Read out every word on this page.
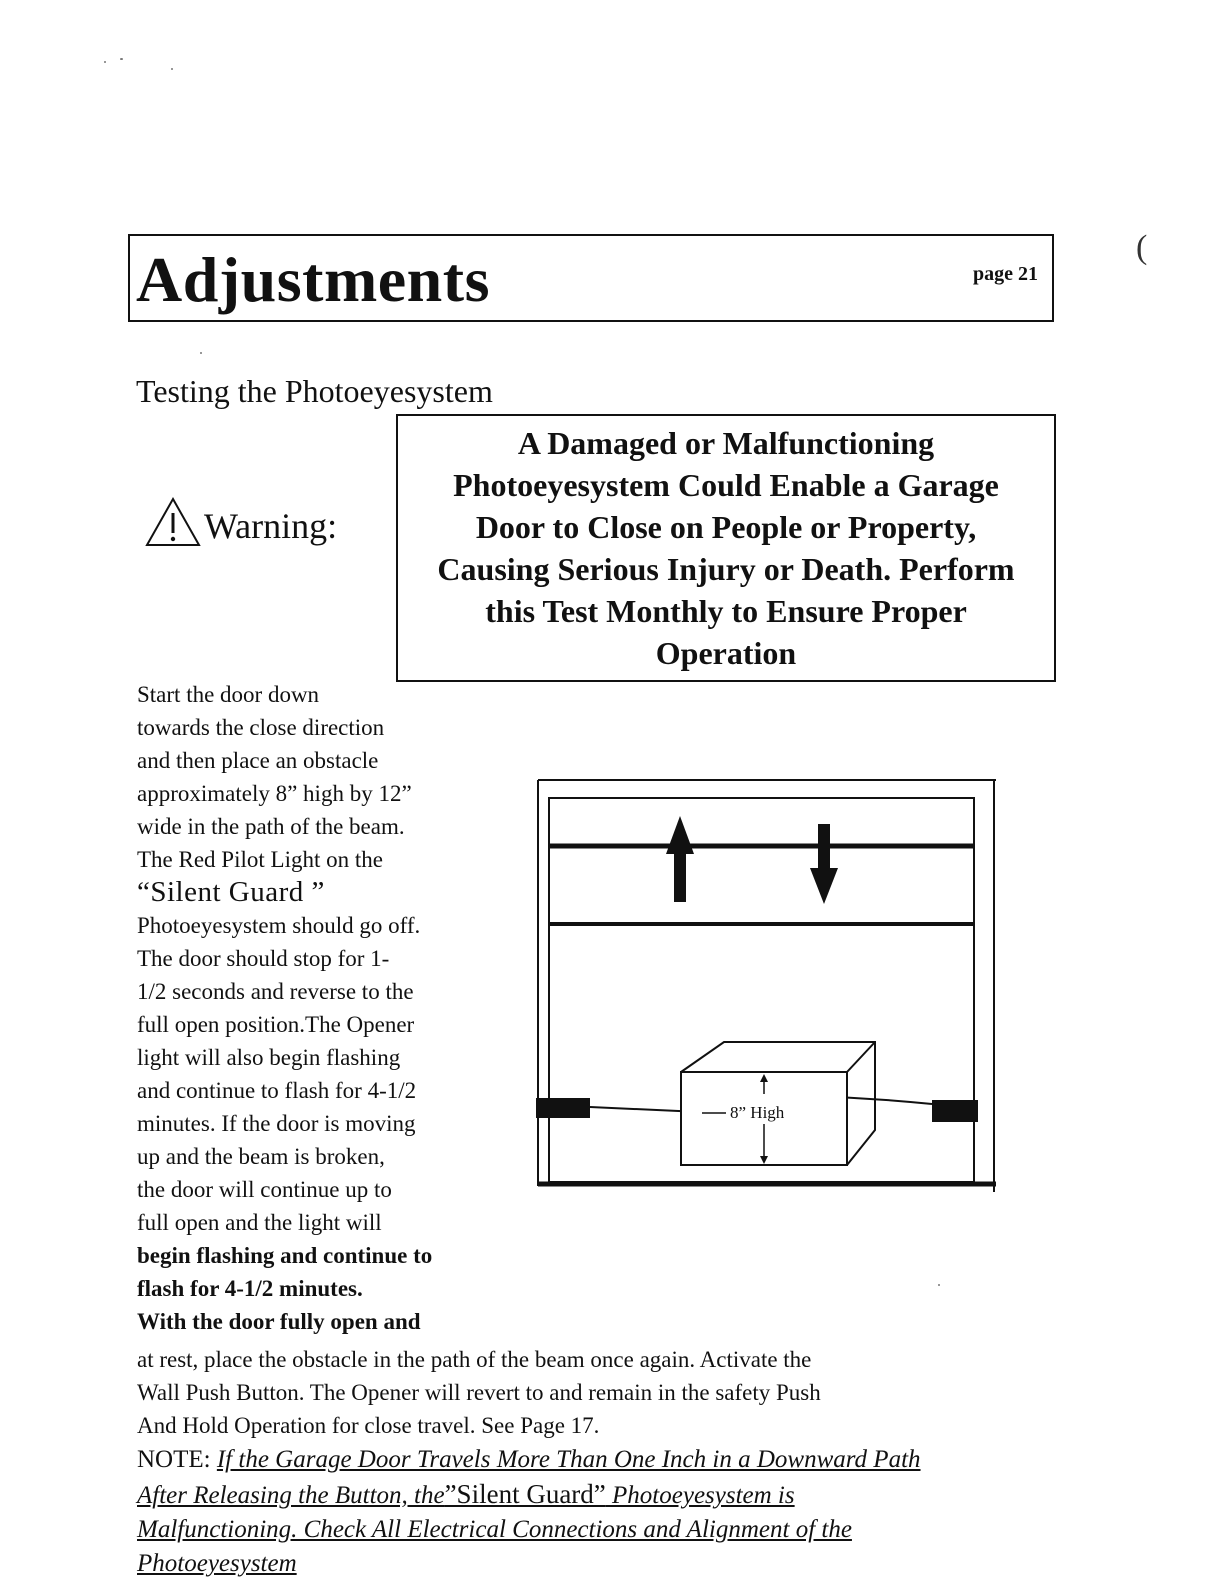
Adjustments	page 21
(
Testing the Photoeyesystem
Warning:
A Damaged or Malfunctioning
Photoeyesystem Could Enable a Garage
Door to Close on People or Property,
Causing Serious Injury or Death. Perform
this Test Monthly to Ensure Proper
Operation
Start the door down
towards the close direction
and then place an obstacle
approximately 8” high by 12”
wide in the path of the beam.
The Red Pilot Light on the
“Silent Guard ”
Photoeyesystem should go off.
The door should stop for 1-
1/2 seconds and reverse to the
full open position.The Opener
light will also begin flashing
and continue to flash for 4-1/2
minutes. If the door is moving
up and the beam is broken,
the door will continue up to
full open and the light will
begin flashing and continue to
flash for 4-1/2 minutes.
With the door fully open and
at rest, place the obstacle in the path of the beam once again. Activate the
Wall Push Button. The Opener will revert to and remain in the safety Push
And Hold Operation for close travel. See Page 17.
NOTE: If the Garage Door Travels More Than One Inch in a Downward Path
After Releasing the Button, the”Silent Guard” Photoeyesystem is
Malfunctioning. Check All Electrical Connections and Alignment of the
Photoeyesystem
8” High
